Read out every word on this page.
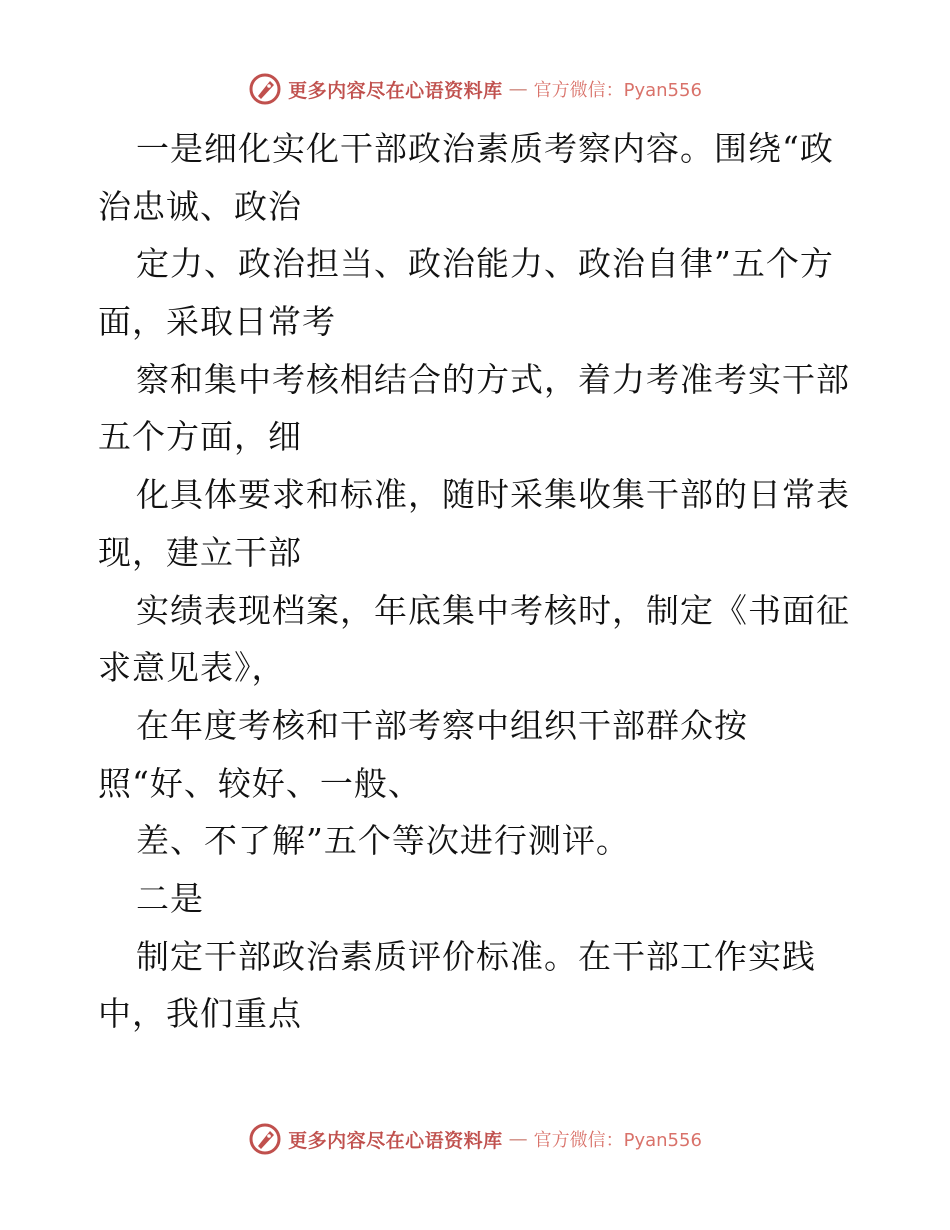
更多内容尽在心语资料库 — 官方微信：Pyan556
一是细化实化干部政治素质考察内容。围绕“政
治忠诚、政治
定力、政治担当、政治能力、政治自律”五个方
面，采取日常考
察和集中考核相结合的方式，着力考准考实干部
五个方面，细
化具体要求和标准，随时采集收集干部的日常表
现，建立干部
实绩表现档案，年底集中考核时，制定《书面征
求意见表》，
在年度考核和干部考察中组织干部群众按
照“好、较好、一般、
差、不了解”五个等次进行测评。
二是
制定干部政治素质评价标准。在干部工作实践
中，我们重点
更多内容尽在心语资料库 — 官方微信：Pyan556
